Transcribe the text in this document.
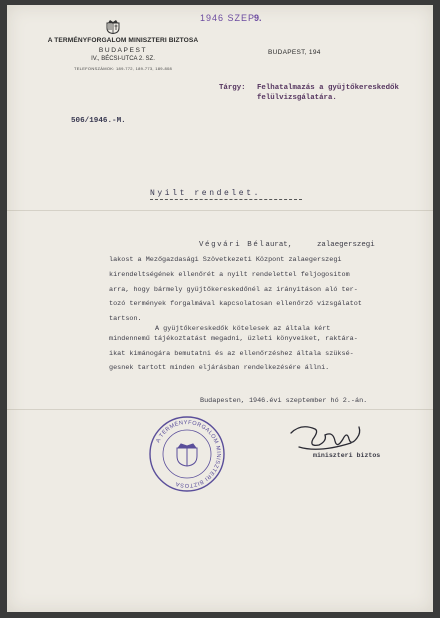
A TERMÉNYFORGALOM MINISZTERI BIZTOSA
BUDAPEST
IV., BÉCSI-UTCA 2. SZ.
TELEFONSZÁMOK: 189-772, 189-773, 189-808
1946 SZEP
9.
BUDAPEST, 194
Tárgy: Felhatalmazás a gyüjtőkereskedők
felülvizsgálatára.
506/1946.-M.
Nyilt rendelet.
Végvári Béla
urat,	zalaegerszegi
lakost a Mezőgazdasági Szövetkezeti Központ zalaegerszegi
kirendeltségének ellenőrét a nyilt rendelettel feljogositom
arra, hogy bármely gyüjtőkereskedőnél az irányitáson aló ter-
tozó termények forgalmával kapcsolatosan ellenőrző vizsgálatot
tartson.
A gyüjtőkereskedők kötelesek az általa kért
mindennemű tájékoztatást megadni, üzleti könyveiket, raktára-
ikat kimánogára bemutatni és az ellenőrzéshez általa szüksé-
gesnek tartott minden eljárásban rendelkezésére állni.
Budapesten, 1946.évi szeptember hó 2.-án.
A TERMÉNYFORGALOM MINISZTERI BIZTOSA
miniszteri biztos
